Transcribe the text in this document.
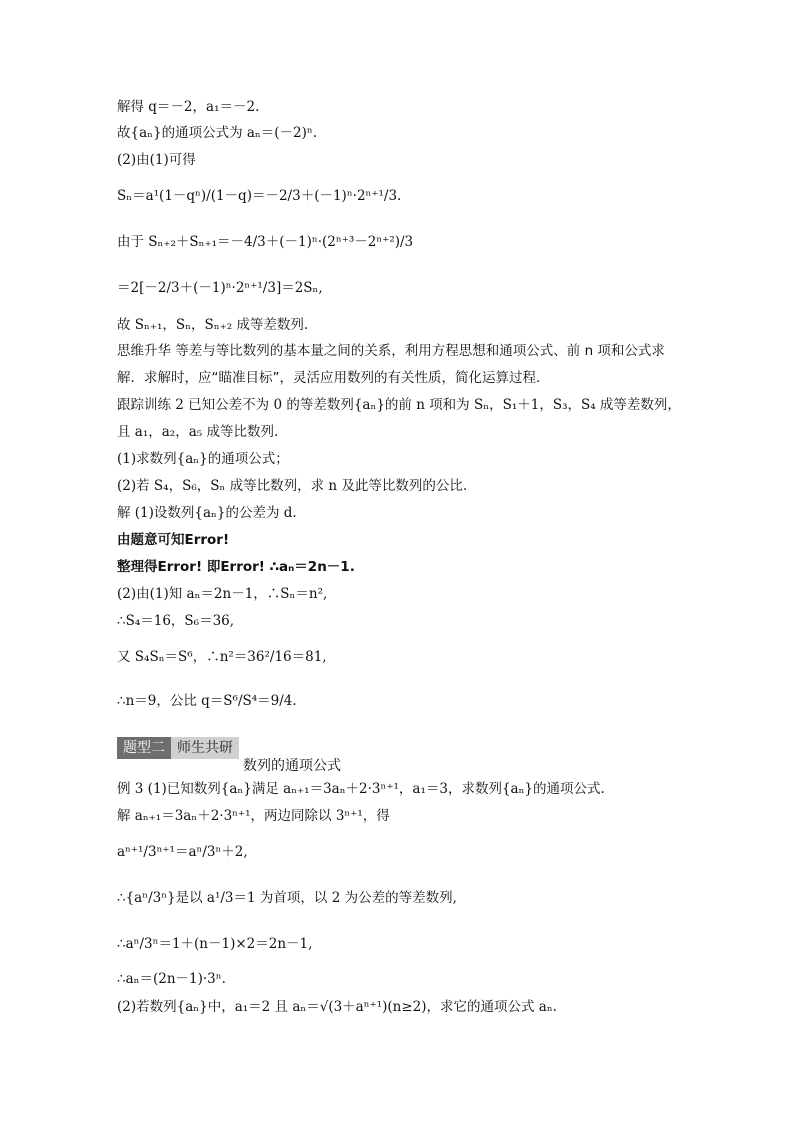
解得 q＝－2，a₁＝－2.
故{aₙ}的通项公式为 aₙ＝(－2)ⁿ.
(2)由(1)可得
Sₙ＝a¹(1－qⁿ)/(1－q)＝－2/3＋(－1)ⁿ·2ⁿ⁺¹/3.
由于 Sₙ₊₂＋Sₙ₊₁＝－4/3＋(－1)ⁿ·(2ⁿ⁺³－2ⁿ⁺²)/3
＝2[－2/3＋(－1)ⁿ·2ⁿ⁺¹/3]＝2Sₙ,
故 Sₙ₊₁，Sₙ，Sₙ₊₂ 成等差数列.
思维升华 等差与等比数列的基本量之间的关系，利用方程思想和通项公式、前 n 项和公式求
解．求解时，应“瞄准目标”，灵活应用数列的有关性质，简化运算过程.
跟踪训练 2 已知公差不为 0 的等差数列{aₙ}的前 n 项和为 Sₙ，S₁＋1，S₃，S₄ 成等差数列，
且 a₁，a₂，a₅ 成等比数列.
(1)求数列{aₙ}的通项公式；
(2)若 S₄，S₆，Sₙ 成等比数列，求 n 及此等比数列的公比.
解 (1)设数列{aₙ}的公差为 d.
由题意可知Error!
整理得Error! 即Error! ∴aₙ＝2n－1.
(2)由(1)知 aₙ＝2n－1，∴Sₙ＝n²,
∴S₄＝16，S₆＝36,
又 S₄Sₙ＝S⁶，∴n²＝36²/16＝81,
∴n＝9，公比 q＝S⁶/S⁴＝9/4.
题型二 师生共研
数列的通项公式
例 3 (1)已知数列{aₙ}满足 aₙ₊₁＝3aₙ＋2·3ⁿ⁺¹，a₁＝3，求数列{aₙ}的通项公式.
解 aₙ₊₁＝3aₙ＋2·3ⁿ⁺¹，两边同除以 3ⁿ⁺¹，得
aⁿ⁺¹/3ⁿ⁺¹＝aⁿ/3ⁿ＋2,
∴{aⁿ/3ⁿ}是以 a¹/3＝1 为首项，以 2 为公差的等差数列,
∴aⁿ/3ⁿ＝1＋(n－1)×2＝2n－1,
∴aₙ＝(2n－1)·3ⁿ.
(2)若数列{aₙ}中，a₁＝2 且 aₙ＝√(3＋aⁿ⁺¹)(n≥2)，求它的通项公式 aₙ.
